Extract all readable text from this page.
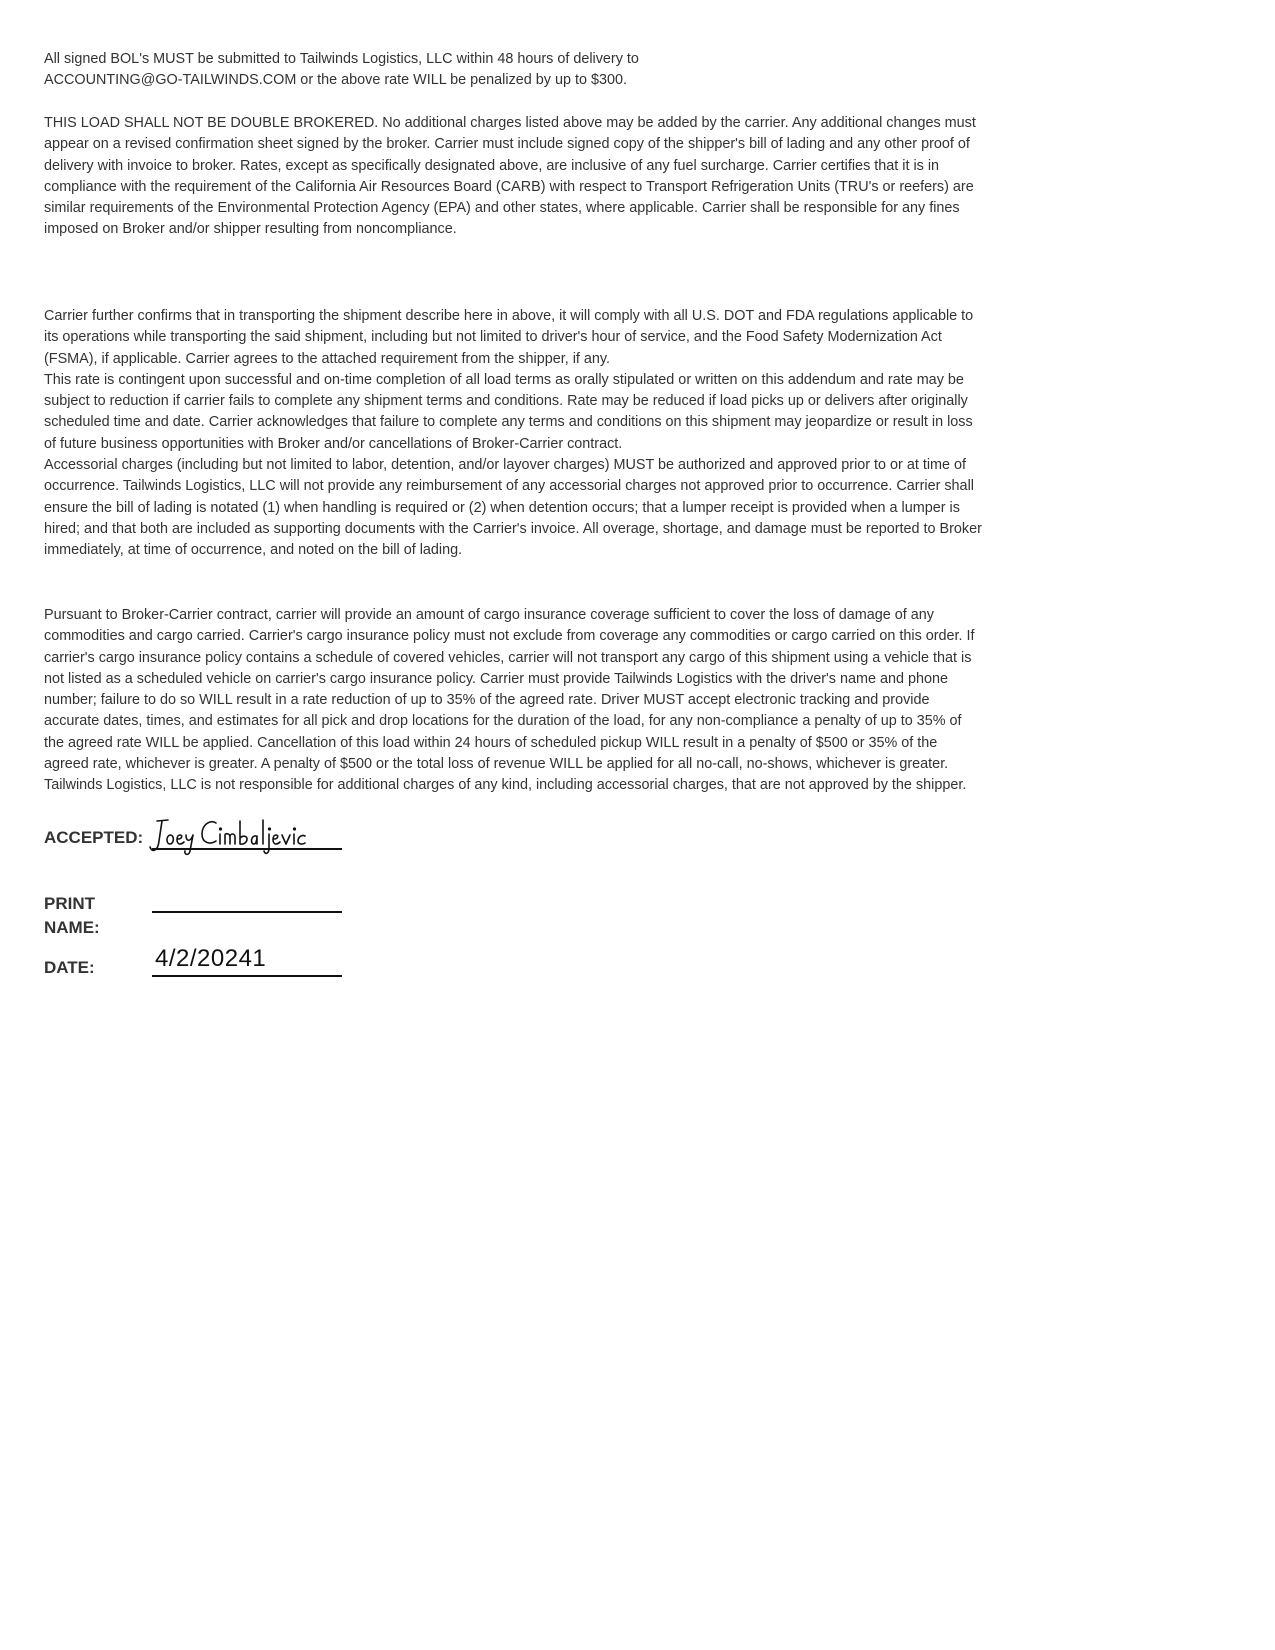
All signed BOL's MUST be submitted to Tailwinds Logistics, LLC within 48 hours of delivery to
ACCOUNTING@GO-TAILWINDS.COM or the above rate WILL be penalized by up to $300.
THIS LOAD SHALL NOT BE DOUBLE BROKERED. No additional charges listed above may be added by the carrier. Any additional changes must
appear on a revised confirmation sheet signed by the broker. Carrier must include signed copy of the shipper's bill of lading and any other proof of
delivery with invoice to broker. Rates, except as specifically designated above, are inclusive of any fuel surcharge. Carrier certifies that it is in
compliance with the requirement of the California Air Resources Board (CARB) with respect to Transport Refrigeration Units (TRU's or reefers) are
similar requirements of the Environmental Protection Agency (EPA) and other states, where applicable. Carrier shall be responsible for any fines
imposed on Broker and/or shipper resulting from noncompliance.
Carrier further confirms that in transporting the shipment describe here in above, it will comply with all U.S. DOT and FDA regulations applicable to
its operations while transporting the said shipment, including but not limited to driver's hour of service, and the Food Safety Modernization Act
(FSMA), if applicable. Carrier agrees to the attached requirement from the shipper, if any.
This rate is contingent upon successful and on-time completion of all load terms as orally stipulated or written on this addendum and rate may be
subject to reduction if carrier fails to complete any shipment terms and conditions. Rate may be reduced if load picks up or delivers after originally
scheduled time and date. Carrier acknowledges that failure to complete any terms and conditions on this shipment may jeopardize or result in loss
of future business opportunities with Broker and/or cancellations of Broker-Carrier contract.
Accessorial charges (including but not limited to labor, detention, and/or layover charges) MUST be authorized and approved prior to or at time of
occurrence. Tailwinds Logistics, LLC will not provide any reimbursement of any accessorial charges not approved prior to occurrence. Carrier shall
ensure the bill of lading is notated (1) when handling is required or (2) when detention occurs; that a lumper receipt is provided when a lumper is
hired; and that both are included as supporting documents with the Carrier's invoice. All overage, shortage, and damage must be reported to Broker
immediately, at time of occurrence, and noted on the bill of lading.
Pursuant to Broker-Carrier contract, carrier will provide an amount of cargo insurance coverage sufficient to cover the loss of damage of any
commodities and cargo carried. Carrier's cargo insurance policy must not exclude from coverage any commodities or cargo carried on this order. If
carrier's cargo insurance policy contains a schedule of covered vehicles, carrier will not transport any cargo of this shipment using a vehicle that is
not listed as a scheduled vehicle on carrier's cargo insurance policy. Carrier must provide Tailwinds Logistics with the driver's name and phone
number; failure to do so WILL result in a rate reduction of up to 35% of the agreed rate. Driver MUST accept electronic tracking and provide
accurate dates, times, and estimates for all pick and drop locations for the duration of the load, for any non-compliance a penalty of up to 35% of
the agreed rate WILL be applied. Cancellation of this load within 24 hours of scheduled pickup WILL result in a penalty of $500 or 35% of the
agreed rate, whichever is greater. A penalty of $500 or the total loss of revenue WILL be applied for all no-call, no-shows, whichever is greater.
Tailwinds Logistics, LLC is not responsible for additional charges of any kind, including accessorial charges, that are not approved by the shipper.
ACCEPTED:
PRINT
NAME:
DATE:	4/2/20241
